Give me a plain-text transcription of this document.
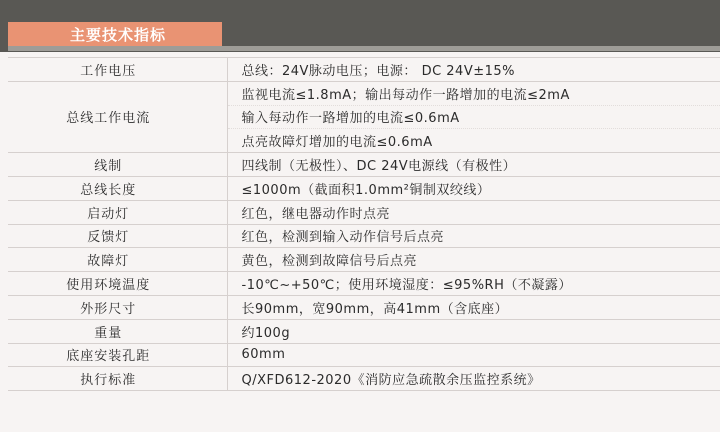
主要技术指标
工作电压	总线：24V脉动电压；电源： DC 24V±15%
总线工作电流	监视电流≤1.8mA；输出每动作一路增加的电流≤2mA
	输入每动作一路增加的电流≤0.6mA
	点亮故障灯增加的电流≤0.6mA
线制	四线制（无极性）、DC 24V电源线（有极性）
总线长度	≤1000m（截面积1.0mm²铜制双绞线）
启动灯	红色，继电器动作时点亮
反馈灯	红色，检测到输入动作信号后点亮
故障灯	黄色，检测到故障信号后点亮
使用环境温度	-10℃~+50℃；使用环境湿度：≤95%RH（不凝露）
外形尺寸	长90mm，宽90mm，高41mm（含底座）
重量	约100g
底座安装孔距	60mm
执行标准	Q/XFD612-2020《消防应急疏散余压监控系统》
